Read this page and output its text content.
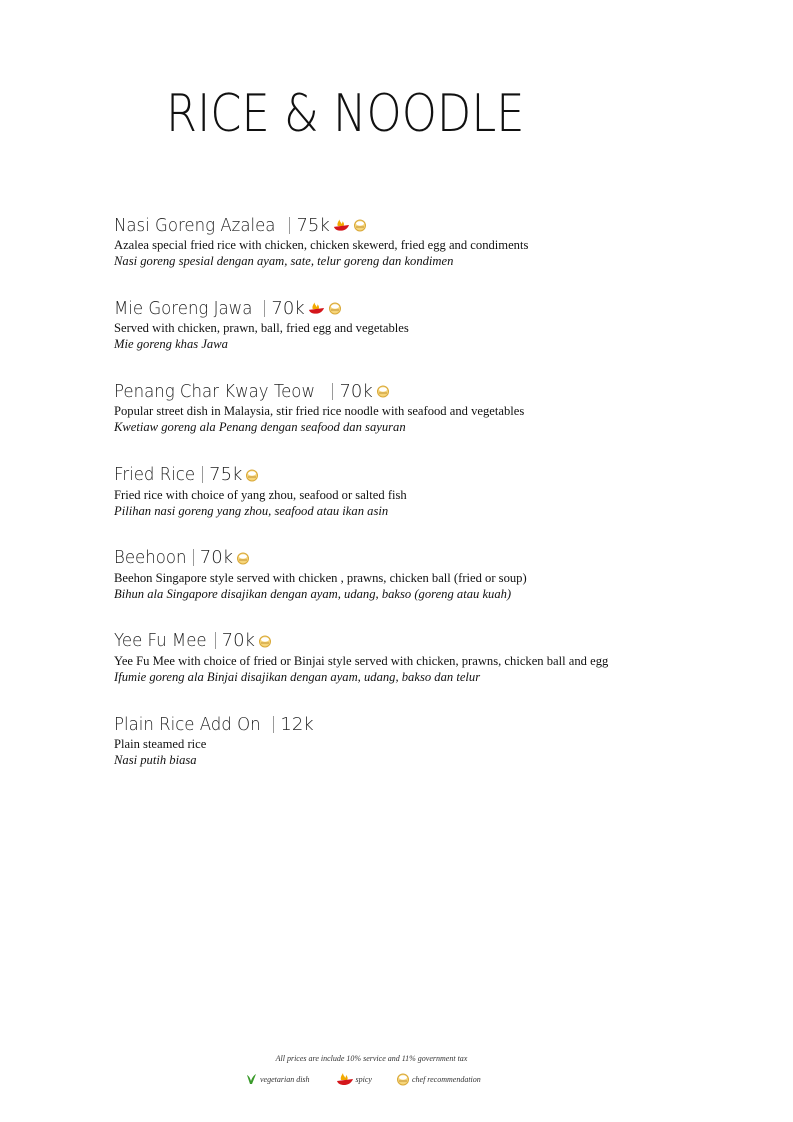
RICE & NOODLE
Nasi Goreng Azalea 75k
Azalea special fried rice with chicken, chicken skewerd, fried egg and condiments
Nasi goreng spesial dengan ayam, sate, telur goreng dan kondimen
Mie Goreng Jawa 70k
Served with chicken, prawn, ball, fried egg and vegetables
Mie goreng khas Jawa
Penang Char Kway Teow 70k
Popular street dish in Malaysia, stir fried rice noodle with seafood and vegetables
Kwetiaw goreng ala Penang dengan seafood dan sayuran
Fried Rice 75k
Fried rice with choice of yang zhou, seafood or salted fish
Pilihan nasi goreng yang zhou, seafood atau ikan asin
Beehoon 70k
Beehon Singapore style served with chicken , prawns, chicken ball (fried or soup)
Bihun ala Singapore disajikan dengan ayam, udang, bakso (goreng atau kuah)
Yee Fu Mee 70k
Yee Fu Mee with choice of fried or Binjai style served with chicken, prawns, chicken ball and egg
Ifumie goreng ala Binjai disajikan dengan ayam, udang, bakso dan telur
Plain Rice Add On 12k
Plain steamed rice
Nasi putih biasa
All prices are include 10% service and 11% government tax
vegetarian dish	spicy	chef recommendation
